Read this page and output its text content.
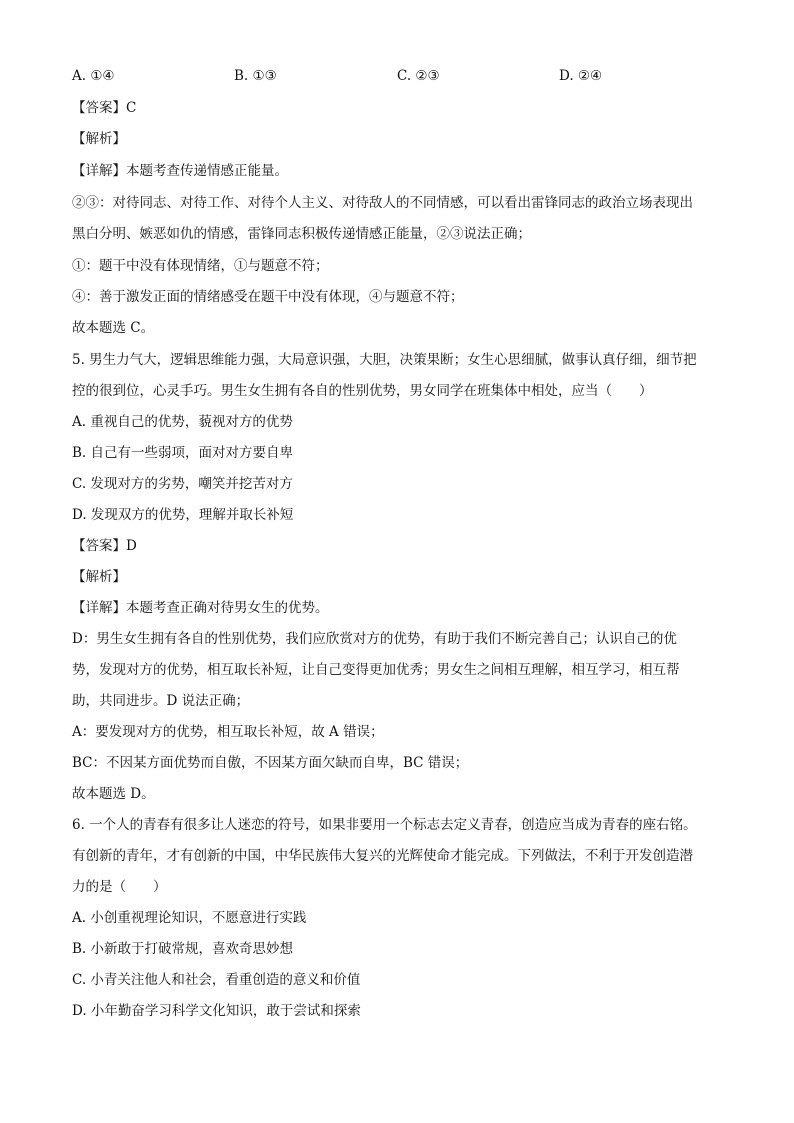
A. ①④	B. ①③	C. ②③	D. ②④
【答案】C
【解析】
【详解】本题考查传递情感正能量。
②③：对待同志、对待工作、对待个人主义、对待敌人的不同情感，可以看出雷锋同志的政治立场表现出
黑白分明、嫉恶如仇的情感，雷锋同志积极传递情感正能量，②③说法正确；
①：题干中没有体现情绪，①与题意不符；
④：善于激发正面的情绪感受在题干中没有体现，④与题意不符；
故本题选 C。
5. 男生力气大，逻辑思维能力强，大局意识强，大胆，决策果断；女生心思细腻，做事认真仔细，细节把
控的很到位，心灵手巧。男生女生拥有各自的性别优势，男女同学在班集体中相处，应当（　　）
A. 重视自己的优势，藐视对方的优势
B. 自己有一些弱项，面对对方要自卑
C. 发现对方的劣势，嘲笑并挖苦对方
D. 发现双方的优势，理解并取长补短
【答案】D
【解析】
【详解】本题考查正确对待男女生的优势。
D：男生女生拥有各自的性别优势，我们应欣赏对方的优势，有助于我们不断完善自己；认识自己的优
势，发现对方的优势，相互取长补短，让自己变得更加优秀；男女生之间相互理解，相互学习，相互帮
助，共同进步。D 说法正确；
A：要发现对方的优势，相互取长补短，故 A 错误；
BC：不因某方面优势而自傲，不因某方面欠缺而自卑，BC 错误；
故本题选 D。
6. 一个人的青春有很多让人迷恋的符号，如果非要用一个标志去定义青春，创造应当成为青春的座右铭。
有创新的青年，才有创新的中国，中华民族伟大复兴的光辉使命才能完成。下列做法，不利于开发创造潜
力的是（　　）
A. 小创重视理论知识，不愿意进行实践
B. 小新敢于打破常规，喜欢奇思妙想
C. 小青关注他人和社会，看重创造的意义和价值
D. 小年勤奋学习科学文化知识，敢于尝试和探索
